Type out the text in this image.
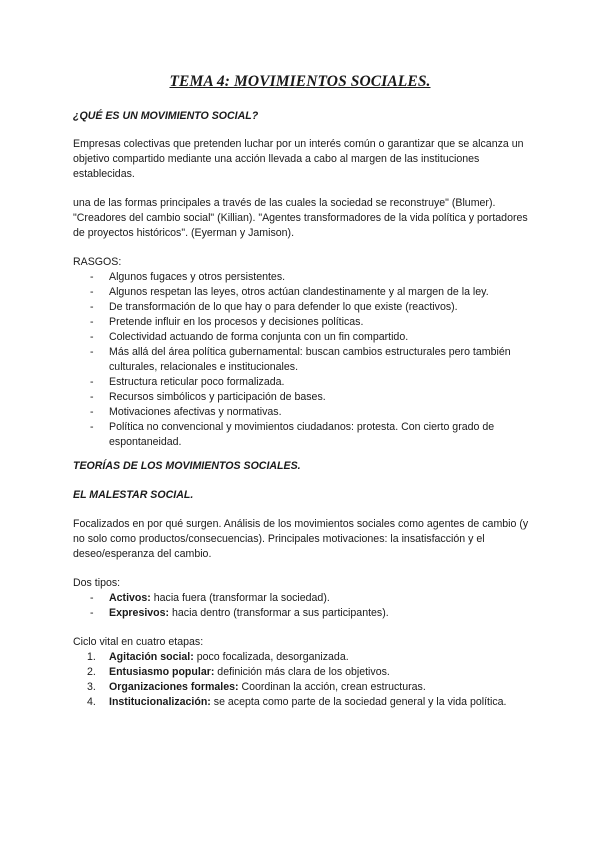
TEMA 4: MOVIMIENTOS SOCIALES.
¿QUÉ ES UN MOVIMIENTO SOCIAL?

Empresas colectivas que pretenden luchar por un interés común o garantizar que se alcanza un objetivo compartido mediante una acción llevada a cabo al margen de las instituciones establecidas.

una de las formas principales a través de las cuales la sociedad se reconstruye" (Blumer). "Creadores del cambio social" (Killian). "Agentes transformadores de la vida política y portadores de proyectos históricos". (Eyerman y Jamison).

RASGOS:
- Algunos fugaces y otros persistentes.
- Algunos respetan las leyes, otros actúan clandestinamente y al margen de la ley.
- De transformación de lo que hay o para defender lo que existe (reactivos).
- Pretende influir en los procesos y decisiones políticas.
- Colectividad actuando de forma conjunta con un fin compartido.
- Más allá del área política gubernamental: buscan cambios estructurales pero también culturales, relacionales e institucionales.
- Estructura reticular poco formalizada.
- Recursos simbólicos y participación de bases.
- Motivaciones afectivas y normativas.
- Política no convencional y movimientos ciudadanos: protesta. Con cierto grado de espontaneidad.
TEORÍAS DE LOS MOVIMIENTOS SOCIALES.
EL MALESTAR SOCIAL.

Focalizados en por qué surgen. Análisis de los movimientos sociales como agentes de cambio (y no solo como productos/consecuencias). Principales motivaciones: la insatisfacción y el deseo/esperanza del cambio.

Dos tipos:
- Activos: hacia fuera (transformar la sociedad).
- Expresivos: hacia dentro (transformar a sus participantes).
Ciclo vital en cuatro etapas:
1. Agitación social: poco focalizada, desorganizada.
2. Entusiasmo popular: definición más clara de los objetivos.
3. Organizaciones formales: Coordinan la acción, crean estructuras.
4. Institucionalización: se acepta como parte de la sociedad general y la vida política.
